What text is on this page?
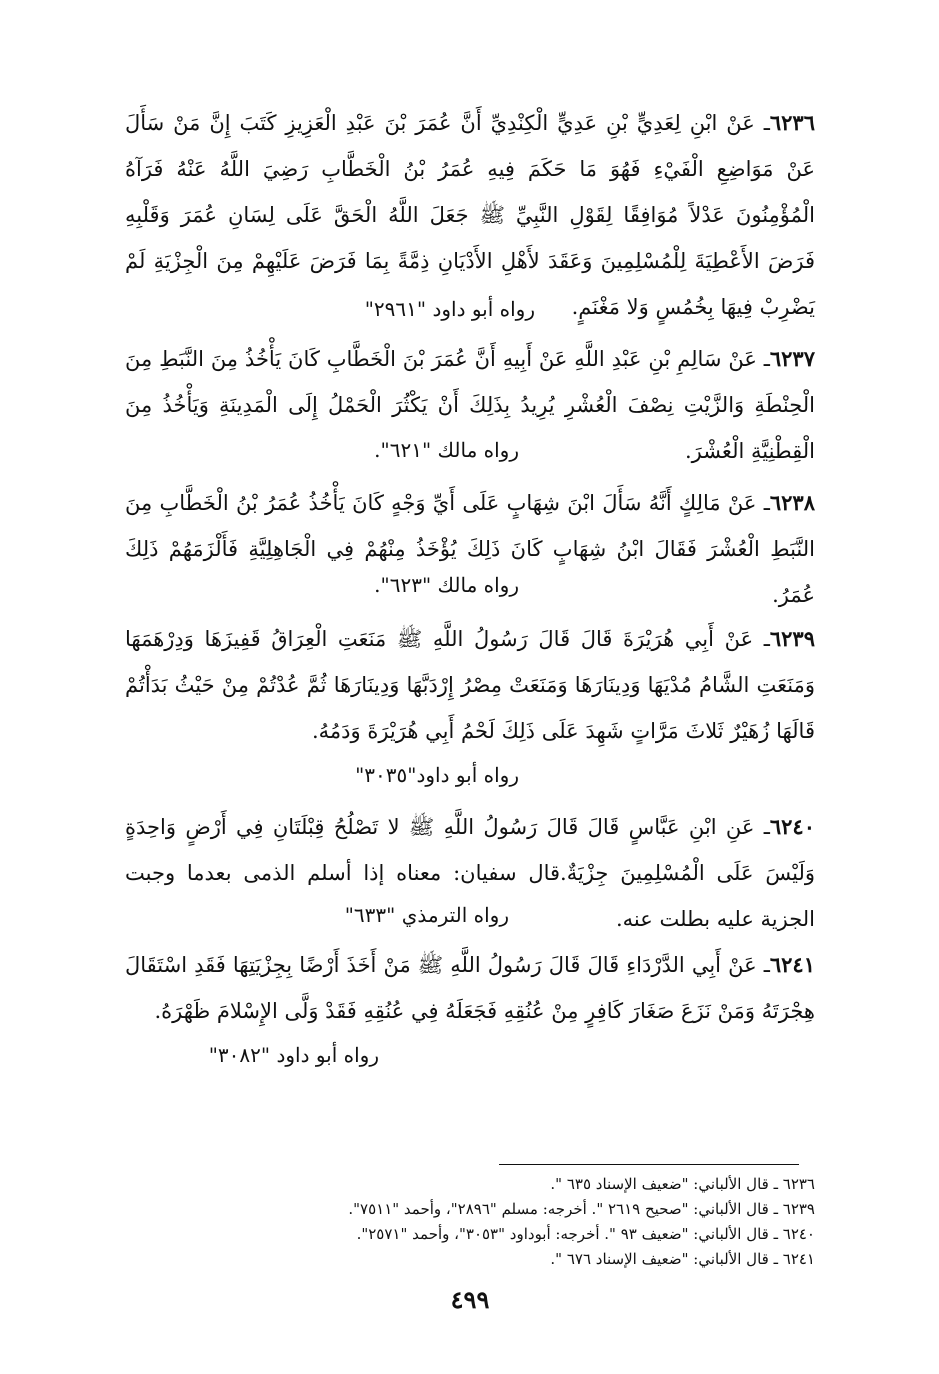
٦٢٣٦ـ عَنْ ابْنِ لِعَدِيٍّ بْنِ عَدِيٍّ الْكِنْدِيِّ أَنَّ عُمَرَ بْنَ عَبْدِ الْعَزِيزِ كَتَبَ إِنَّ مَنْ سَأَلَ عَنْ مَوَاضِعِ الْفَيْءِ فَهُوَ مَا حَكَمَ فِيهِ عُمَرُ بْنُ الْخَطَّابِ رَضِيَ اللَّهُ عَنْهُ فَرَآهُ الْمُؤْمِنُونَ عَدْلاً مُوَافِقًا لِقَوْلِ النَّبِيِّ ﷺ جَعَلَ اللَّهُ الْحَقَّ عَلَى لِسَانِ عُمَرَ وَقَلْبِهِ فَرَضَ الأَعْطِيَةَ لِلْمُسْلِمِينَ وَعَقَدَ لأَهْلِ الأَدْيَانِ ذِمَّةً بِمَا فَرَضَ عَلَيْهِمْ مِنَ الْجِزْيَةِ لَمْ يَضْرِبْ فِيهَا بِخُمُسٍ وَلا مَغْنَمٍ.
رواه أبو داود "٢٩٦١"
٦٢٣٧ـ عَنْ سَالِمِ بْنِ عَبْدِ اللَّهِ عَنْ أَبِيهِ أَنَّ عُمَرَ بْنَ الْخَطَّابِ كَانَ يَأْخُذُ مِنَ النَّبَطِ مِنَ الْحِنْطَةِ وَالزَّيْتِ نِصْفَ الْعُشْرِ يُرِيدُ بِذَلِكَ أَنْ يَكْثُرَ الْحَمْلُ إِلَى الْمَدِينَةِ وَيَأْخُذُ مِنَ الْقِطْنِيَّةِ الْعُشْرَ.
رواه مالك "٦٢١".
٦٢٣٨ـ عَنْ مَالِكٍ أَنَّهُ سَأَلَ ابْنَ شِهَابٍ عَلَى أَيِّ وَجْهٍ كَانَ يَأْخُذُ عُمَرُ بْنُ الْخَطَّابِ مِنَ النَّبَطِ الْعُشْرَ فَقَالَ ابْنُ شِهَابٍ كَانَ ذَلِكَ يُؤْخَذُ مِنْهُمْ فِي الْجَاهِلِيَّةِ فَأَلْزَمَهُمْ ذَلِكَ عُمَرُ.
رواه مالك "٦٢٣".
٦٢٣٩ـ عَنْ أَبِي هُرَيْرَةَ قَالَ قَالَ رَسُولُ اللَّهِ ﷺ مَنَعَتِ الْعِرَاقُ قَفِيزَهَا وَدِرْهَمَهَا وَمَنَعَتِ الشَّامُ مُدْيَهَا وَدِينَارَهَا وَمَنَعَتْ مِصْرُ إِرْدَبَّهَا وَدِينَارَهَا ثُمَّ عُدْتُمْ مِنْ حَيْثُ بَدَأْتُمْ قَالَهَا زُهَيْرٌ ثَلاثَ مَرَّاتٍ شَهِدَ عَلَى ذَلِكَ لَحْمُ أَبِي هُرَيْرَةَ وَدَمُهُ.
رواه أبو داود"٣٠٣٥"
٦٢٤٠ـ عَنِ ابْنِ عَبَّاسٍ قَالَ قَالَ رَسُولُ اللَّهِ ﷺ لا تَصْلُحُ قِبْلَتَانِ فِي أَرْضٍ وَاحِدَةٍ وَلَيْسَ عَلَى الْمُسْلِمِينَ جِزْيَةٌ.قال سفيان: معناه إذا أسلم الذمى بعدما وجبت الجزية عليه بطلت عنه.
رواه الترمذي "٦٣٣"
٦٢٤١ـ عَنْ أَبِي الدَّرْدَاءِ قَالَ قَالَ رَسُولُ اللَّهِ ﷺ مَنْ أَخَذَ أَرْضًا بِجِزْيَتِهَا فَقَدِ اسْتَقَالَ هِجْرَتَهُ وَمَنْ نَزَعَ صَغَارَ كَافِرٍ مِنْ عُنُقِهِ فَجَعَلَهُ فِي عُنُقِهِ فَقَدْ وَلَّى الإِسْلامَ ظَهْرَهُ.
رواه أبو داود "٣٠٨٢"
٦٢٣٦ ـ قال الألباني: "ضعيف الإسناد ٦٣٥ ".
٦٢٣٩ ـ قال الألباني: "صحيح ٢٦١٩ ". أخرجه: مسلم "٢٨٩٦"، وأحمد "٧٥١١".
٦٢٤٠ ـ قال الألباني: "ضعيف ٩٣ ". أخرجه: أبوداود "٣٠٥٣"، وأحمد "٢٥٧١".
٦٢٤١ ـ قال الألباني: "ضعيف الإسناد ٦٧٦ ".
٤٩٩
